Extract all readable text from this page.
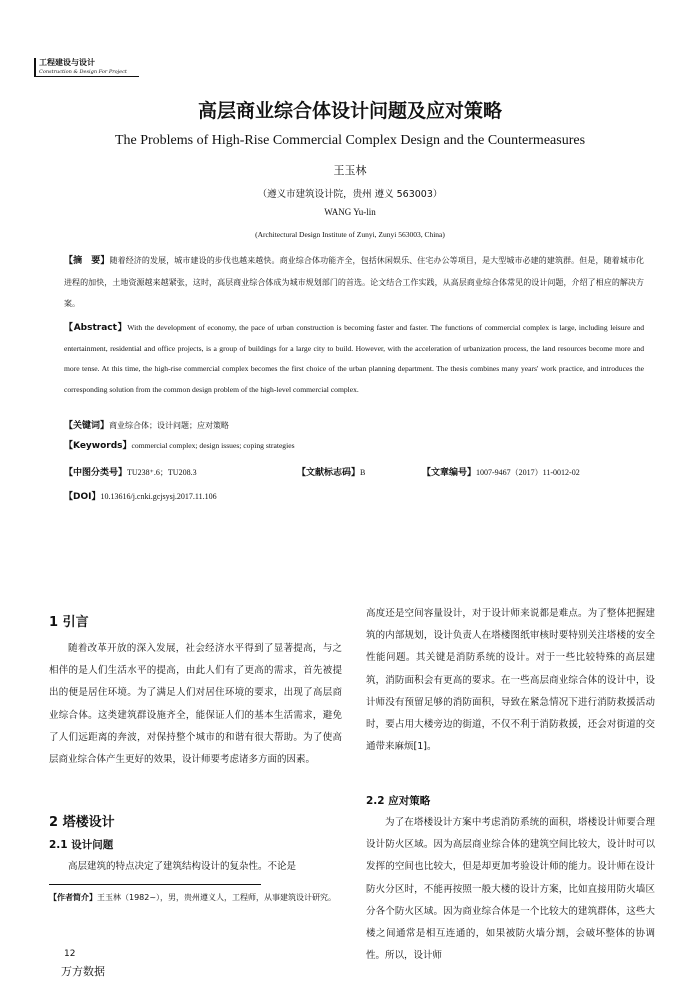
工程建设与设计
Construction & Design For Project
高层商业综合体设计问题及应对策略
The Problems of High-Rise Commercial Complex Design and the Countermeasures
王玉林
（遵义市建筑设计院，贵州 遵义 563003）
WANG Yu-lin
(Architectural Design Institute of Zunyi, Zunyi 563003, China)
【摘　要】随着经济的发展，城市建设的步伐也越来越快。商业综合体功能齐全，包括休闲娱乐、住宅办公等项目，是大型城市必建的建筑群。但是，随着城市化进程的加快，土地资源越来越紧张，这时，高层商业综合体成为城市规划部门的首选。论文结合工作实践，从高层商业综合体常见的设计问题，介绍了相应的解决方案。
【Abstract】With the development of economy, the pace of urban construction is becoming faster and faster. The functions of commercial complex is large, including leisure and entertainment, residential and office projects, is a group of buildings for a large city to build. However, with the acceleration of urbanization process, the land resources become more and more tense. At this time, the high-rise commercial complex becomes the first choice of the urban planning department. The thesis combines many years' work practice, and introduces the corresponding solution from the common design problem of the high-level commercial complex.
【关键词】商业综合体；设计问题；应对策略
【Keywords】commercial complex; design issues; coping strategies
【中图分类号】TU238⁺.6；TU208.3	【文献标志码】B	【文章编号】1007-9467（2017）11-0012-02
【DOI】10.13616/j.cnki.gcjsysj.2017.11.106
1 引言
随着改革开放的深入发展，社会经济水平得到了显著提高，与之相伴的是人们生活水平的提高，由此人们有了更高的需求，首先被提出的便是居住环境。为了满足人们对居住环境的要求，出现了高层商业综合体。这类建筑群设施齐全，能保证人们的基本生活需求，避免了人们远距离的奔波，对保持整个城市的和谐有很大帮助。为了使高层商业综合体产生更好的效果，设计师要考虑诸多方面的因素。
2 塔楼设计
2.1 设计问题
高层建筑的特点决定了建筑结构设计的复杂性。不论是
【作者简介】王玉林（1982~），男，贵州遵义人，工程师，从事建筑设计研究。
高度还是空间容量设计，对于设计师来说都是难点。为了整体把握建筑的内部规划，设计负责人在塔楼图纸审核时要特别关注塔楼的安全性能问题。其关键是消防系统的设计。对于一些比较特殊的高层建筑，消防面积会有更高的要求。在一些高层商业综合体的设计中，设计师没有预留足够的消防面积，导致在紧急情况下进行消防救援活动时，要占用大楼旁边的街道，不仅不利于消防救援，还会对街道的交通带来麻烦[1]。
2.2 应对策略
为了在塔楼设计方案中考虑消防系统的面积，塔楼设计师要合理设计防火区域。因为高层商业综合体的建筑空间比较大，设计时可以发挥的空间也比较大，但是却更加考验设计师的能力。设计师在设计防火分区时，不能再按照一般大楼的设计方案，比如直接用防火墙区分各个防火区域。因为商业综合体是一个比较大的建筑群体，这些大楼之间通常是相互连通的，如果被防火墙分割，会破坏整体的协调性。所以，设计师
12
万方数据
